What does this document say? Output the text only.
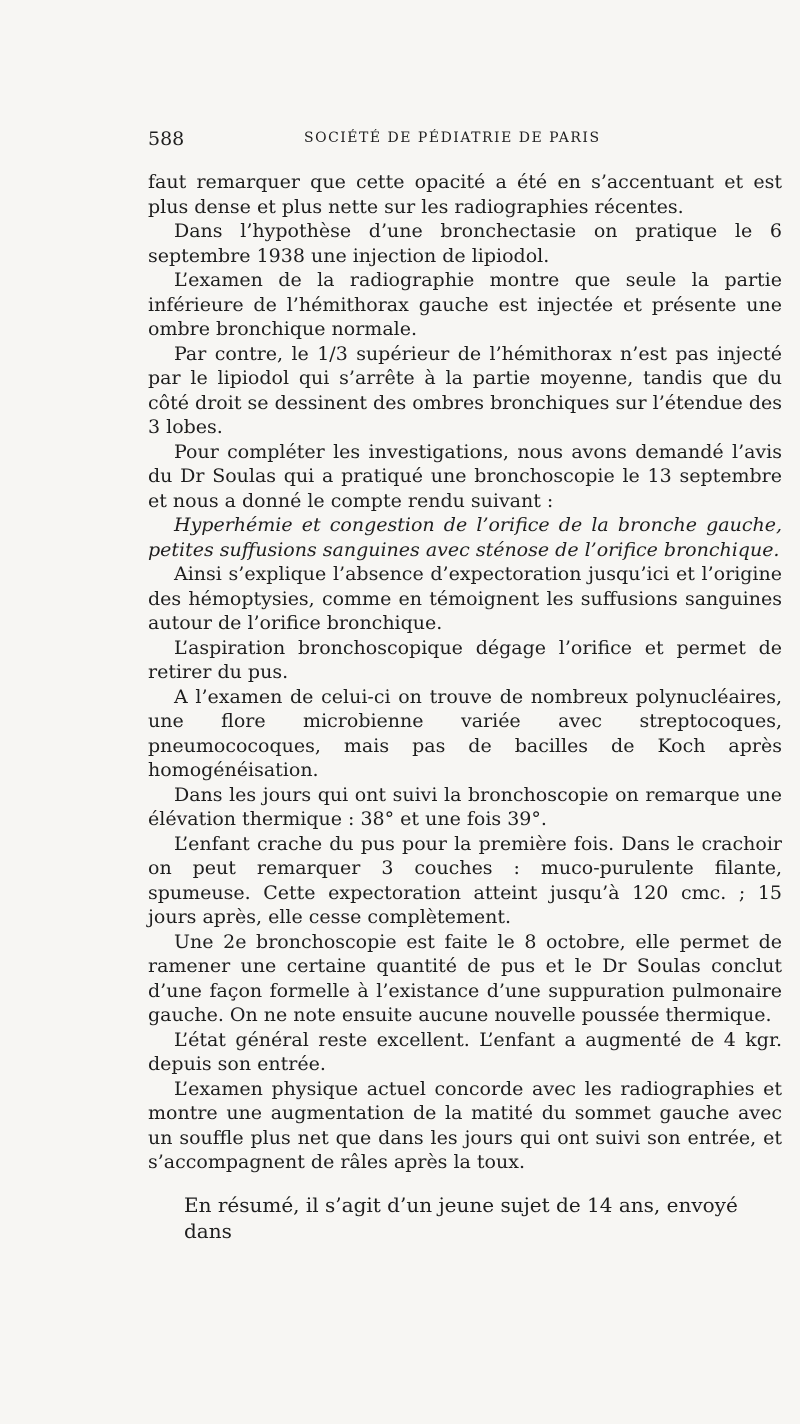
588	SOCIÉTÉ DE PÉDIATRIE DE PARIS

faut remarquer que cette opacité a été en s’accentuant et est plus dense et plus nette sur les radiographies récentes.

Dans l’hypothèse d’une bronchectasie on pratique le 6 septembre 1938 une injection de lipiodol.

L’examen de la radiographie montre que seule la partie inférieure de l’hémithorax gauche est injectée et présente une ombre bronchique normale.

Par contre, le 1/3 supérieur de l’hémithorax n’est pas injecté par le lipiodol qui s’arrête à la partie moyenne, tandis que du côté droit se dessinent des ombres bronchiques sur l’étendue des 3 lobes.

Pour compléter les investigations, nous avons demandé l’avis du Dr Soulas qui a pratiqué une bronchoscopie le 13 septembre et nous a donné le compte rendu suivant :

Hyperhémie et congestion de l’orifice de la bronche gauche, petites suffusions sanguines avec sténose de l’orifice bronchique.

Ainsi s’explique l’absence d’expectoration jusqu’ici et l’origine des hémoptysies, comme en témoignent les suffusions sanguines autour de l’orifice bronchique.

L’aspiration bronchoscopique dégage l’orifice et permet de retirer du pus.

A l’examen de celui-ci on trouve de nombreux polynucléaires, une flore microbienne variée avec streptocoques, pneumococoques, mais pas de bacilles de Koch après homogénéisation.

Dans les jours qui ont suivi la bronchoscopie on remarque une élévation thermique : 38° et une fois 39°.

L’enfant crache du pus pour la première fois. Dans le crachoir on peut remarquer 3 couches : muco-purulente filante, spumeuse. Cette expectoration atteint jusqu’à 120 cmc. ; 15 jours après, elle cesse complètement.

Une 2e bronchoscopie est faite le 8 octobre, elle permet de ramener une certaine quantité de pus et le Dr Soulas conclut d’une façon formelle à l’existance d’une suppuration pulmonaire gauche. On ne note ensuite aucune nouvelle poussée thermique.

L’état général reste excellent. L’enfant a augmenté de 4 kgr. depuis son entrée.

L’examen physique actuel concorde avec les radiographies et montre une augmentation de la matité du sommet gauche avec un souffle plus net que dans les jours qui ont suivi son entrée, et s’accompagnent de râles après la toux.

En résumé, il s’agit d’un jeune sujet de 14 ans, envoyé dans
